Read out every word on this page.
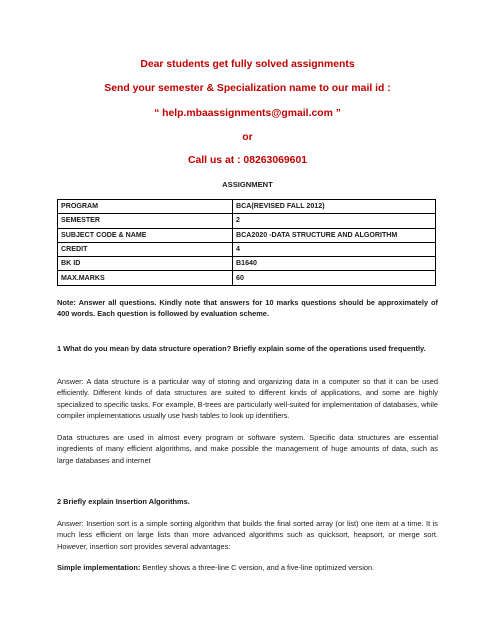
Dear students get fully solved assignments
Send your semester & Specialization name to our mail id :
“ help.mbaassignments@gmail.com ”
or
Call us at : 08263069601
ASSIGNMENT
PROGRAM	BCA(REVISED FALL 2012)
SEMESTER	2
SUBJECT CODE & NAME	BCA2020 -DATA STRUCTURE AND ALGORITHM
CREDIT	4
BK ID	B1640
MAX.MARKS	60
Note: Answer all questions. Kindly note that answers for 10 marks questions should be approximately of 400 words. Each question is followed by evaluation scheme.
1 What do you mean by data structure operation? Briefly explain some of the operations used frequently.
Answer: A data structure is a particular way of storing and organizing data in a computer so that it can be used efficiently. Different kinds of data structures are suited to different kinds of applications, and some are highly specialized to specific tasks. For example, B-trees are particularly well-suited for implementation of databases, while compiler implementations usually use hash tables to look up identifiers.
Data structures are used in almost every program or software system. Specific data structures are essential ingredients of many efficient algorithms, and make possible the management of huge amounts of data, such as large databases and internet
2 Briefly explain Insertion Algorithms.
Answer: Insertion sort is a simple sorting algorithm that builds the final sorted array (or list) one item at a time. It is much less efficient on large lists than more advanced algorithms such as quicksort, heapsort, or merge sort. However, insertion sort provides several advantages:
Simple implementation: Bentley shows a three-line C version, and a five-line optimized version.
